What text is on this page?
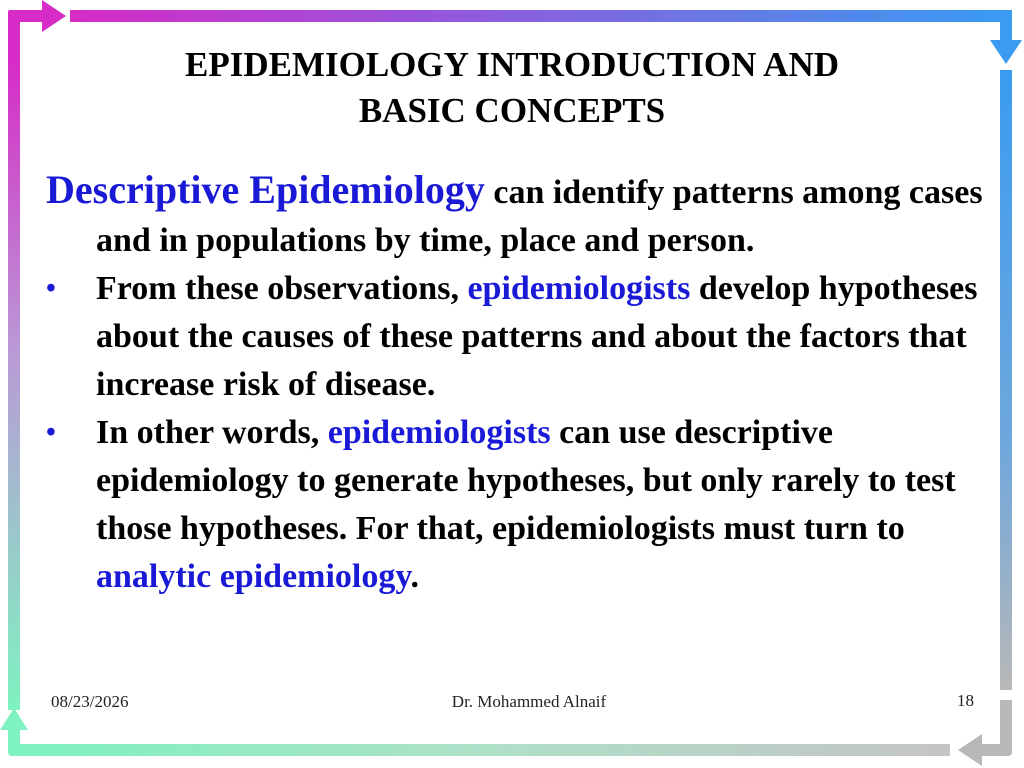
EPIDEMIOLOGY INTRODUCTION AND
BASIC CONCEPTS

Descriptive Epidemiology can identify patterns among cases and in populations by time, place and person.

•	From these observations, epidemiologists develop hypotheses about the causes of these patterns and about the factors that increase risk of disease.

•	In other words, epidemiologists can use descriptive epidemiology to generate hypotheses, but only rarely to test those hypotheses. For that, epidemiologists must turn to analytic epidemiology.

08/23/2026	Dr. Mohammed Alnaif	18
